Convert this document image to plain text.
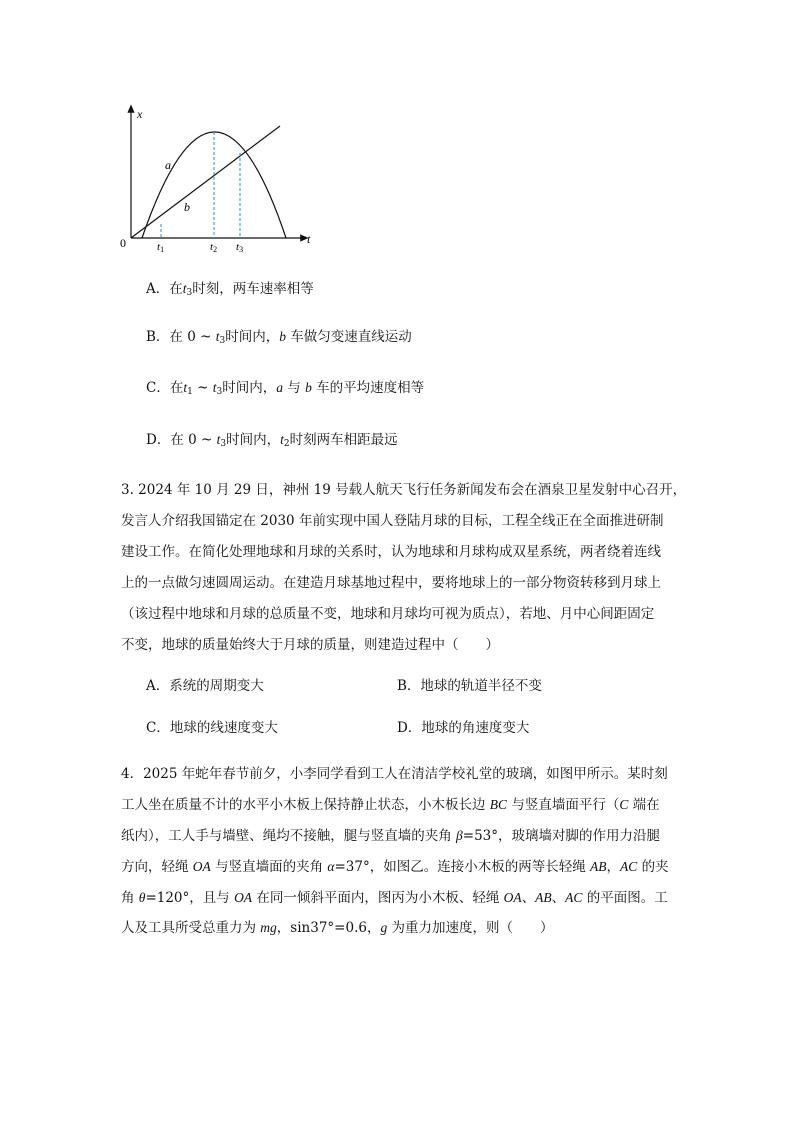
x
t
0
a
b
t1	t2 t3
A．在$t_3$时刻，两车速率相等
B．在 0 ~ $t_3$时间内，b 车做匀变速直线运动
C．在$t_1$ ~ $t_3$时间内，a 与 b 车的平均速度相等
D．在 0 ~ $t_3$时间内，$t_2$时刻两车相距最远
3. 2024 年 10 月 29 日，神州 19 号载人航天飞行任务新闻发布会在酒泉卫星发射中心召开，
发言人介绍我国锚定在 2030 年前实现中国人登陆月球的目标，工程全线正在全面推进研制
建设工作。在简化处理地球和月球的关系时，认为地球和月球构成双星系统，两者绕着连线
上的一点做匀速圆周运动。在建造月球基地过程中，要将地球上的一部分物资转移到月球上
（该过程中地球和月球的总质量不变，地球和月球均可视为质点），若地、月中心间距固定
不变，地球的质量始终大于月球的质量，则建造过程中（　　）
A．系统的周期变大	B．地球的轨道半径不变
C．地球的线速度变大	D．地球的角速度变大
4．2025 年蛇年春节前夕，小李同学看到工人在清洁学校礼堂的玻璃，如图甲所示。某时刻
工人坐在质量不计的水平小木板上保持静止状态，小木板长边 BC 与竖直墙面平行（C 端在
纸内），工人手与墙壁、绳均不接触，腿与竖直墙的夹角 β=53°，玻璃墙对脚的作用力沿腿
方向，轻绳 OA 与竖直墙面的夹角 α=37°，如图乙。连接小木板的两等长轻绳 AB，AC 的夹
角 θ=120°，且与 OA 在同一倾斜平面内，图丙为小木板、轻绳 OA、AB、AC 的平面图。工
人及工具所受总重力为 mg，sin37°=0.6，g 为重力加速度，则（　　）
